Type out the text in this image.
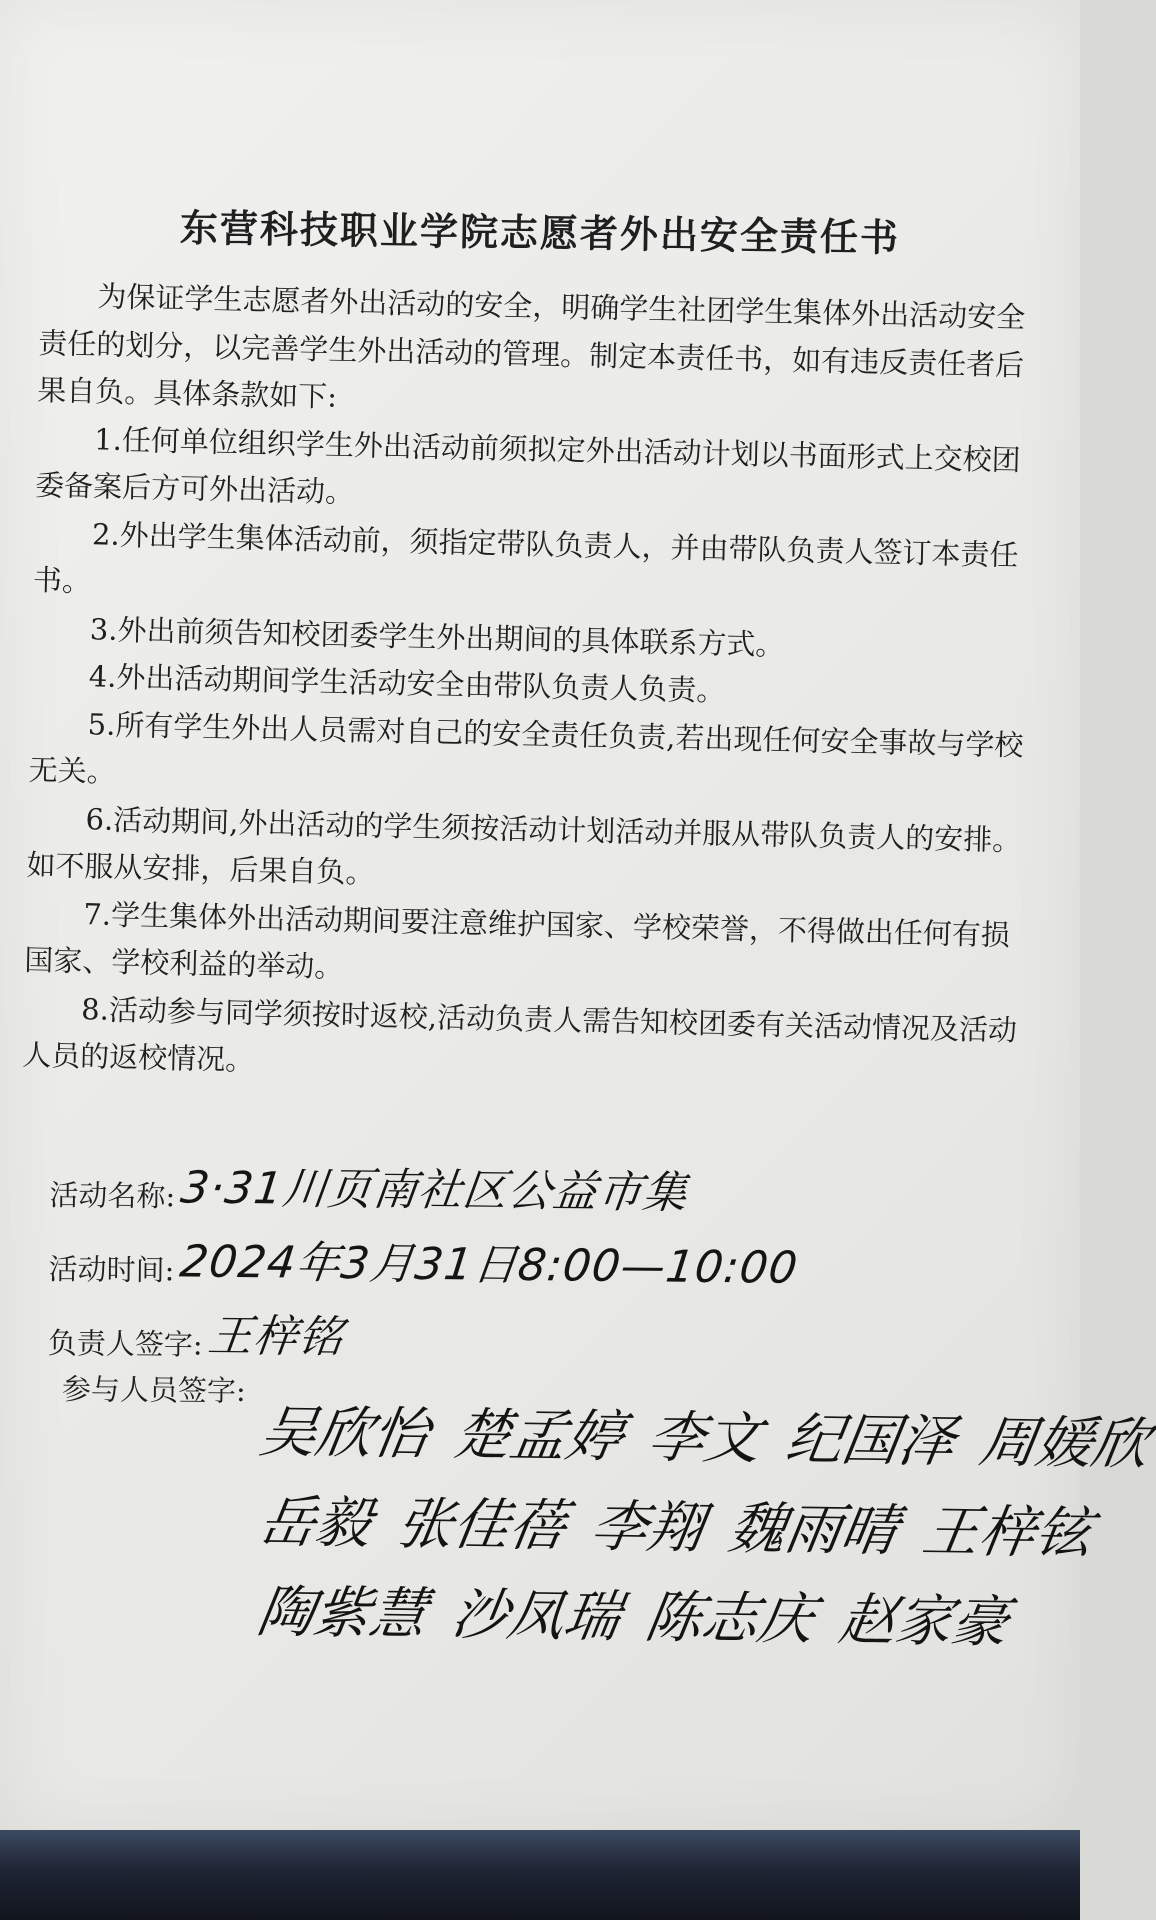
东营科技职业学院志愿者外出安全责任书

为保证学生志愿者外出活动的安全，明确学生社团学生集体外出活动安全责任的划分，以完善学生外出活动的管理。制定本责任书，如有违反责任者后果自负。具体条款如下:

1.任何单位组织学生外出活动前须拟定外出活动计划以书面形式上交校团委备案后方可外出活动。

2.外出学生集体活动前，须指定带队负责人，并由带队负责人签订本责任书。

3.外出前须告知校团委学生外出期间的具体联系方式。

4.外出活动期间学生活动安全由带队负责人负责。

5.所有学生外出人员需对自己的安全责任负责,若出现任何安全事故与学校无关。

6.活动期间,外出活动的学生须按活动计划活动并服从带队负责人的安排。如不服从安排，后果自负。

7.学生集体外出活动期间要注意维护国家、学校荣誉，不得做出任何有损国家、学校利益的举动。

8.活动参与同学须按时返校,活动负责人需告知校团委有关活动情况及活动人员的返校情况。

活动名称: 3·31川页南社区公益市集
活动时间: 2024年3月31日8:00—10:00
负责人签字: 王梓铭
参与人员签字:
吴欣怡 楚孟婷 李文 纪国泽 周媛欣
岳毅 张佳蓓 李翔 魏雨晴 王梓铉
陶紫慧 沙凤瑞 陈志庆 赵家豪
